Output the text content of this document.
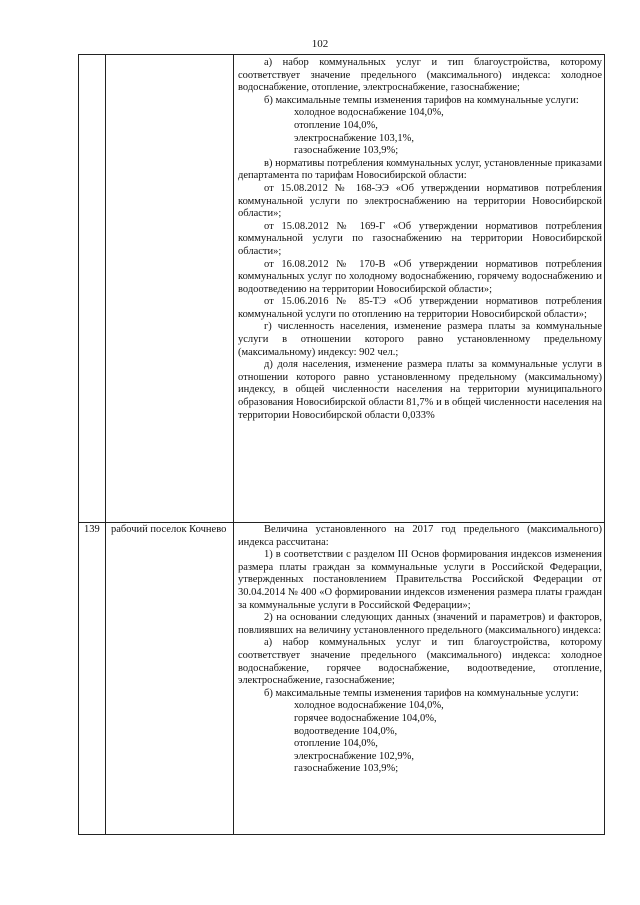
102

а) набор коммунальных услуг и тип благоустройства, которому соответствует значение предельного (максимального) индекса: холодное водоснабжение, отопление, электроснабжение, газоснабжение;

б) максимальные темпы изменения тарифов на коммунальные услуги:

холодное водоснабжение 104,0%,

отопление 104,0%,

электроснабжение 103,1%,

газоснабжение 103,9%;

в) нормативы потребления коммунальных услуг, установленные приказами департамента по тарифам Новосибирской области:

от 15.08.2012 № 168-ЭЭ «Об утверждении нормативов потребления коммунальной услуги по электроснабжению на территории Новосибирской области»;

от 15.08.2012 № 169-Г «Об утверждении нормативов потребления коммунальной услуги по газоснабжению на территории Новосибирской области»;

от 16.08.2012 № 170-В «Об утверждении нормативов потребления коммунальных услуг по холодному водоснабжению, горячему водоснабжению и водоотведению на территории Новосибирской области»;

от 15.06.2016 № 85-ТЭ «Об утверждении нормативов потребления коммунальной услуги по отоплению на территории Новосибирской области»;

г) численность населения, изменение размера платы за коммунальные услуги в отношении которого равно установленному предельному (максимальному) индексу: 902 чел.;

д) доля населения, изменение размера платы за коммунальные услуги в отношении которого равно установленному предельному (максимальному) индексу, в общей численности населения на территории муниципального образования Новосибирской области 81,7% и в общей численности населения на территории Новосибирской области 0,033%

139 рабочий поселок Кочнево	Величина установленного на 2017 год предельного (максимального) индекса рассчитана:

1) в соответствии с разделом III Основ формирования индексов изменения размера платы граждан за коммунальные услуги в Российской Федерации, утвержденных постановлением Правительства Российской Федерации от 30.04.2014 № 400 «О формировании индексов изменения размера платы граждан за коммунальные услуги в Российской Федерации»;

2) на основании следующих данных (значений и параметров) и факторов, повлиявших на величину установленного предельного (максимального) индекса:

а) набор коммунальных услуг и тип благоустройства, которому соответствует значение предельного (максимального) индекса: холодное водоснабжение, горячее водоснабжение, водоотведение, отопление, электроснабжение, газоснабжение;

б) максимальные темпы изменения тарифов на коммунальные услуги:

холодное водоснабжение 104,0%,

горячее водоснабжение 104,0%,

водоотведение 104,0%,

отопление 104,0%,

электроснабжение 102,9%,

газоснабжение 103,9%;
